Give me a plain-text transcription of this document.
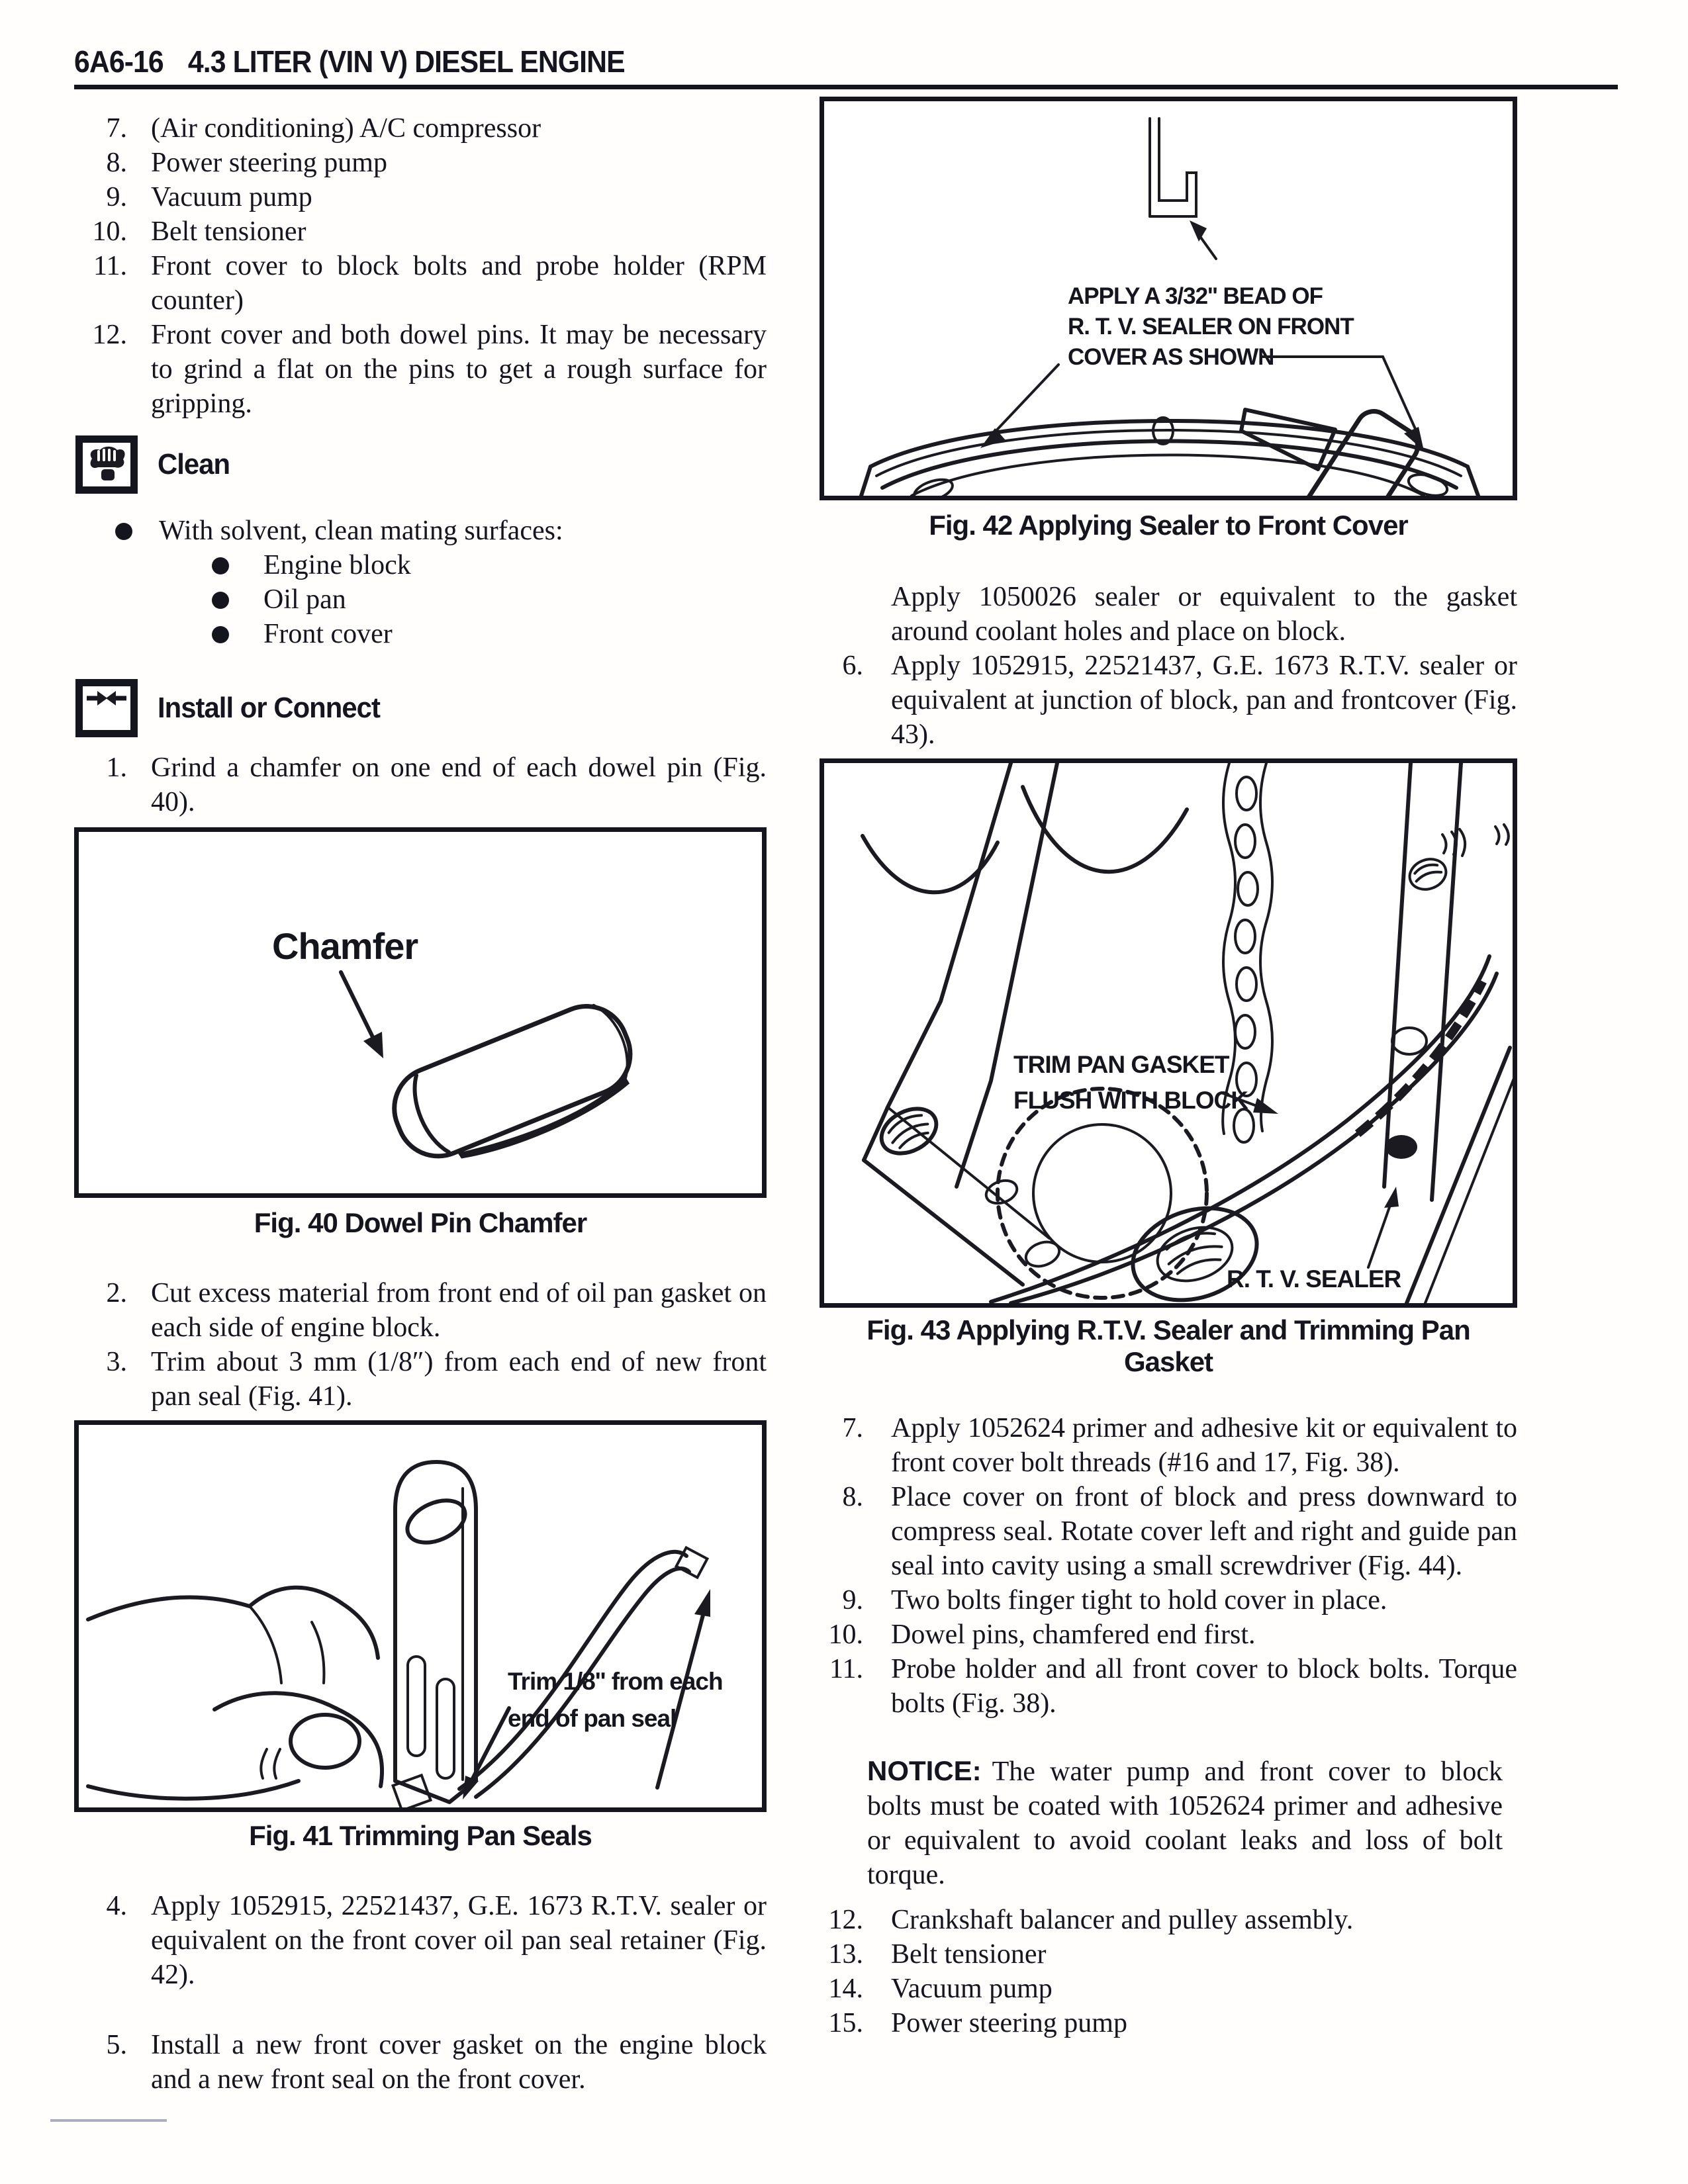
6A6-16 4.3 LITER (VIN V) DIESEL ENGINE
7. (Air conditioning) A/C compressor
8. Power steering pump
9. Vacuum pump
10. Belt tensioner
11. Front cover to block bolts and probe holder (RPM counter)
12. Front cover and both dowel pins. It may be necessary to grind a flat on the pins to get a rough surface for gripping.
Clean
With solvent, clean mating surfaces:
Engine block
Oil pan
Front cover
Install or Connect
1. Grind a chamfer on one end of each dowel pin (Fig. 40).
Chamfer
Fig. 40 Dowel Pin Chamfer
2. Cut excess material from front end of oil pan gasket on each side of engine block.
3. Trim about 3 mm (1/8″) from each end of new front pan seal (Fig. 41).
Trim 1/8'' from each
end of pan seal
Fig. 41 Trimming Pan Seals
4. Apply 1052915, 22521437, G.E. 1673 R.T.V. sealer or equivalent on the front cover oil pan seal retainer (Fig. 42).
5. Install a new front cover gasket on the engine block and a new front seal on the front cover.
APPLY A 3/32'' BEAD OF
R. T. V. SEALER ON FRONT
COVER AS SHOWN
Fig. 42 Applying Sealer to Front Cover
Apply 1050026 sealer or equivalent to the gasket around coolant holes and place on block.
6. Apply 1052915, 22521437, G.E. 1673 R.T.V. sealer or equivalent at junction of block, pan and frontcover (Fig. 43).
TRIM PAN GASKET
FLUSH WITH BLOCK
R. T. V. SEALER
Fig. 43 Applying R.T.V. Sealer and Trimming Pan Gasket
7. Apply 1052624 primer and adhesive kit or equivalent to front cover bolt threads (#16 and 17, Fig. 38).
8. Place cover on front of block and press downward to compress seal. Rotate cover left and right and guide pan seal into cavity using a small screwdriver (Fig. 44).
9. Two bolts finger tight to hold cover in place.
10. Dowel pins, chamfered end first.
11. Probe holder and all front cover to block bolts. Torque bolts (Fig. 38).
NOTICE: The water pump and front cover to block bolts must be coated with 1052624 primer and adhesive or equivalent to avoid coolant leaks and loss of bolt torque.
12. Crankshaft balancer and pulley assembly.
13. Belt tensioner
14. Vacuum pump
15. Power steering pump
